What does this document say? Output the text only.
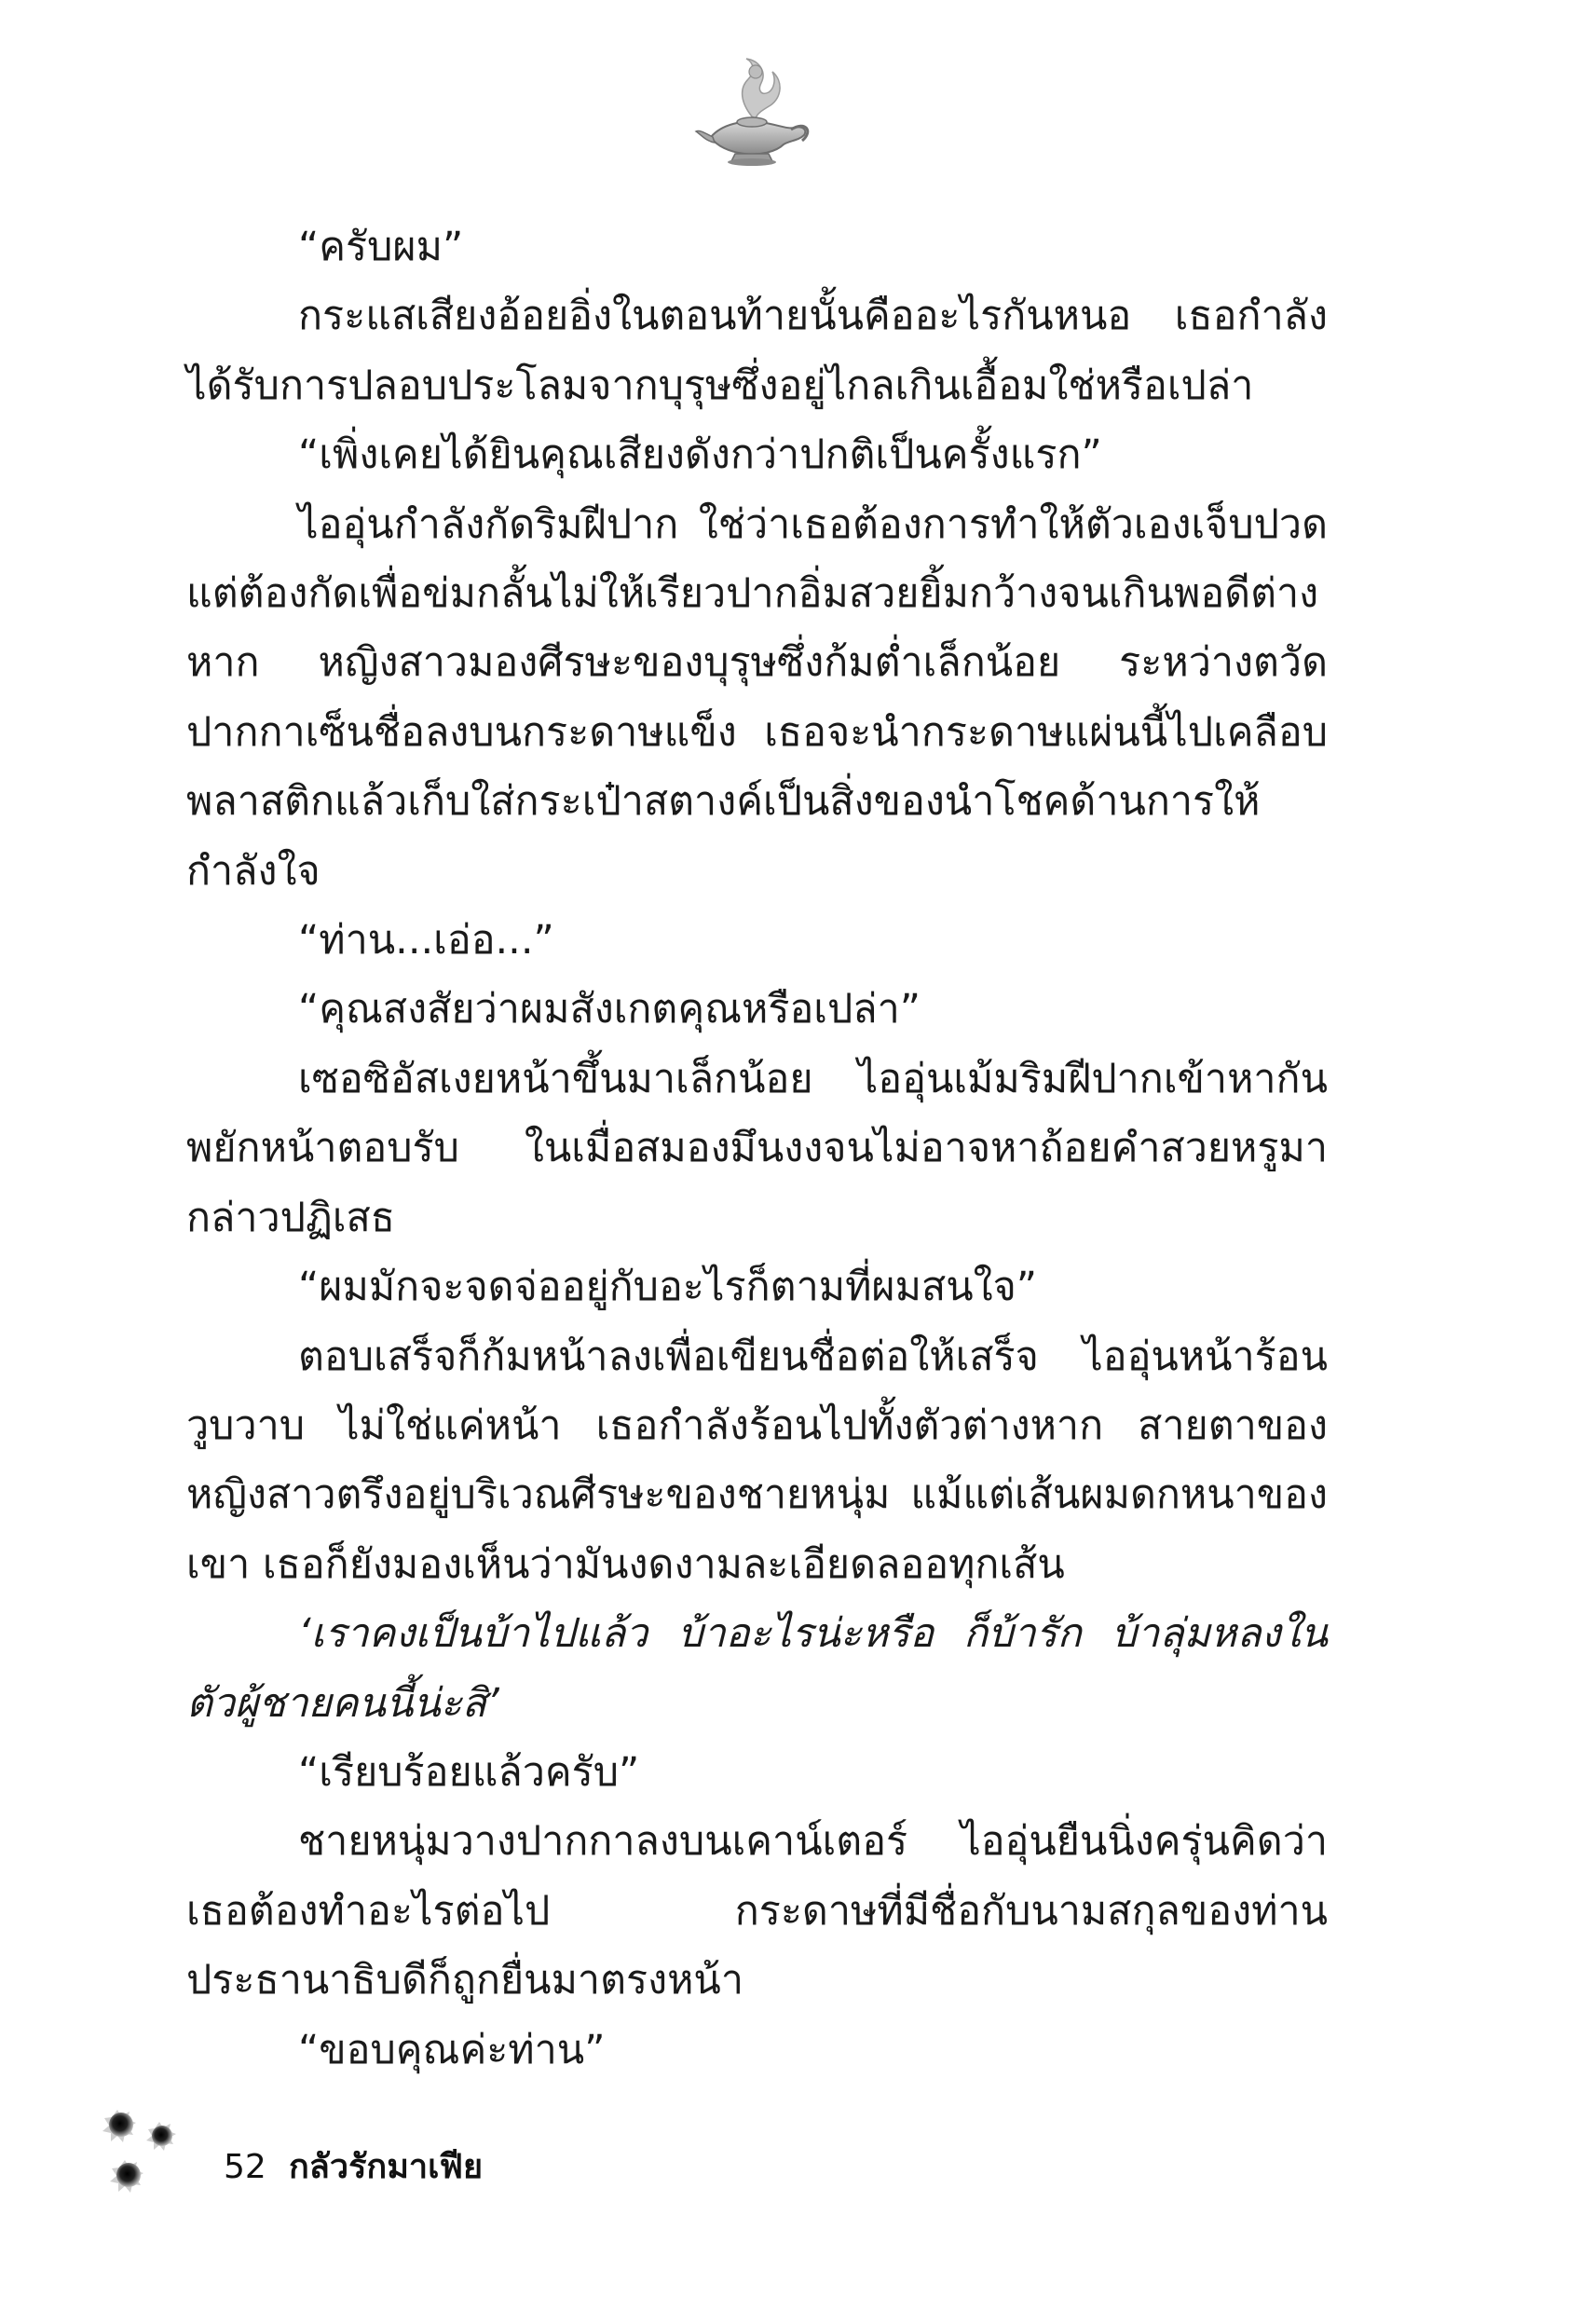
“ครับผม”

กระแสเสียงอ้อยอิ่งในตอนท้ายนั้นคืออะไรกันหนอ เธอกำลังได้รับการปลอบประโลมจากบุรุษซึ่งอยู่ไกลเกินเอื้อมใช่หรือเปล่า

“เพิ่งเคยได้ยินคุณเสียงดังกว่าปกติเป็นครั้งแรก”

ไออุ่นกำลังกัดริมฝีปาก ใช่ว่าเธอต้องการทำให้ตัวเองเจ็บปวด แต่ต้องกัดเพื่อข่มกลั้นไม่ให้เรียวปากอิ่มสวยยิ้มกว้างจนเกินพอดีต่างหาก หญิงสาวมองศีรษะของบุรุษซึ่งก้มต่ำเล็กน้อย ระหว่างตวัดปากกาเซ็นชื่อลงบนกระดาษแข็ง เธอจะนำกระดาษแผ่นนี้ไปเคลือบพลาสติกแล้วเก็บใส่กระเป๋าสตางค์เป็นสิ่งของนำโชคด้านการให้กำลังใจ

“ท่าน...เอ่อ...”

“คุณสงสัยว่าผมสังเกตคุณหรือเปล่า”

เซอซิอัสเงยหน้าขึ้นมาเล็กน้อย ไออุ่นเม้มริมฝีปากเข้าหากันพยักหน้าตอบรับ ในเมื่อสมองมึนงงจนไม่อาจหาถ้อยคำสวยหรูมากล่าวปฏิเสธ

“ผมมักจะจดจ่ออยู่กับอะไรก็ตามที่ผมสนใจ”

ตอบเสร็จก็ก้มหน้าลงเพื่อเขียนชื่อต่อให้เสร็จ ไออุ่นหน้าร้อนวูบวาบ ไม่ใช่แค่หน้า เธอกำลังร้อนไปทั้งตัวต่างหาก สายตาของหญิงสาวตรึงอยู่บริเวณศีรษะของชายหนุ่ม แม้แต่เส้นผมดกหนาของเขา เธอก็ยังมองเห็นว่ามันงดงามละเอียดลออทุกเส้น

‘เราคงเป็นบ้าไปแล้ว บ้าอะไรน่ะหรือ ก็บ้ารัก บ้าลุ่มหลงในตัวผู้ชายคนนี้น่ะสิ’

“เรียบร้อยแล้วครับ”

ชายหนุ่มวางปากกาลงบนเคาน์เตอร์ ไออุ่นยืนนิ่งครุ่นคิดว่าเธอต้องทำอะไรต่อไป กระดาษที่มีชื่อกับนามสกุลของท่านประธานาธิบดีก็ถูกยื่นมาตรงหน้า

“ขอบคุณค่ะท่าน”

52 กลัวรักมาเฟีย
